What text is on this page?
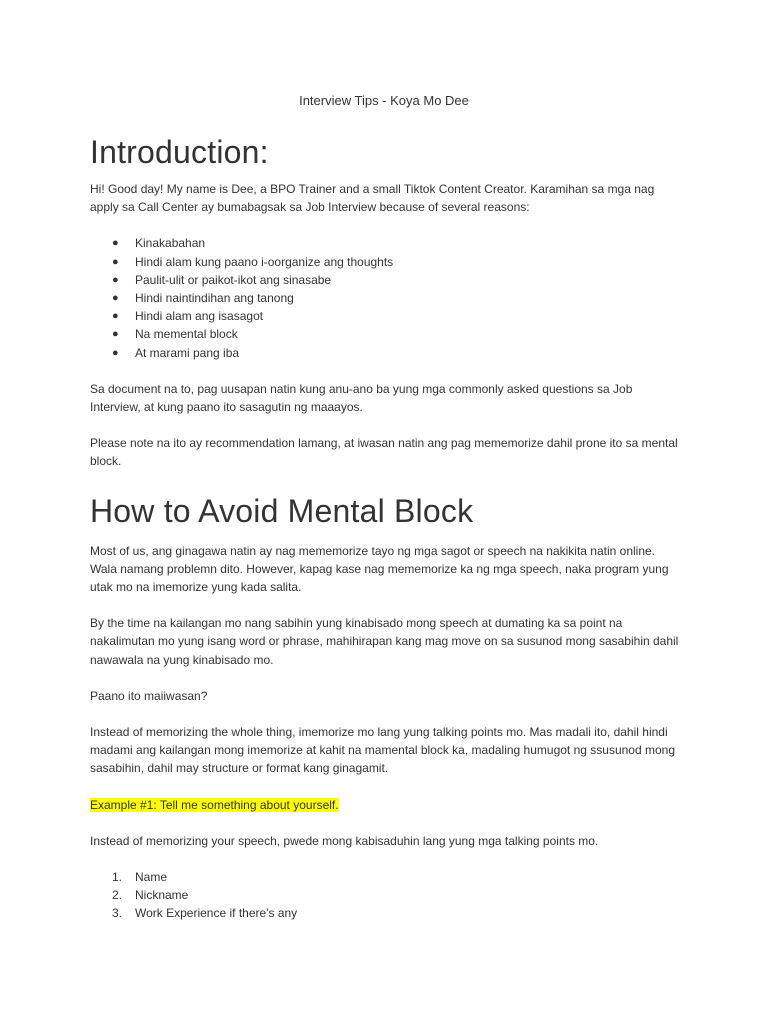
Interview Tips - Koya Mo Dee
Introduction:

Hi! Good day! My name is Dee, a BPO Trainer and a small Tiktok Content Creator. Karamihan sa mga nag apply sa Call Center ay bumabagsak sa Job Interview because of several reasons:

● Kinakabahan
● Hindi alam kung paano i-oorganize ang thoughts
● Paulit-ulit or paikot-ikot ang sinasabe
● Hindi naintindihan ang tanong
● Hindi alam ang isasagot
● Na memental block
● At marami pang iba

Sa document na to, pag uusapan natin kung anu-ano ba yung mga commonly asked questions sa Job Interview, at kung paano ito sasagutin ng maaayos.

Please note na ito ay recommendation lamang, at iwasan natin ang pag mememorize dahil prone ito sa mental block.

How to Avoid Mental Block

Most of us, ang ginagawa natin ay nag mememorize tayo ng mga sagot or speech na nakikita natin online. Wala namang problemn dito. However, kapag kase nag mememorize ka ng mga speech, naka program yung utak mo na imemorize yung kada salita.

By the time na kailangan mo nang sabihin yung kinabisado mong speech at dumating ka sa point na nakalimutan mo yung isang word or phrase, mahihirapan kang mag move on sa susunod mong sasabihin dahil nawawala na yung kinabisado mo.

Paano ito maiiwasan?

Instead of memorizing the whole thing, imemorize mo lang yung talking points mo. Mas madali ito, dahil hindi madami ang kailangan mong imemorize at kahit na mamental block ka, madaling humugot ng ssusunod mong sasabihin, dahil may structure or format kang ginagamit.

Example #1: Tell me something about yourself.

Instead of memorizing your speech, pwede mong kabisaduhin lang yung mga talking points mo.

1. Name
2. Nickname
3. Work Experience if there's any
